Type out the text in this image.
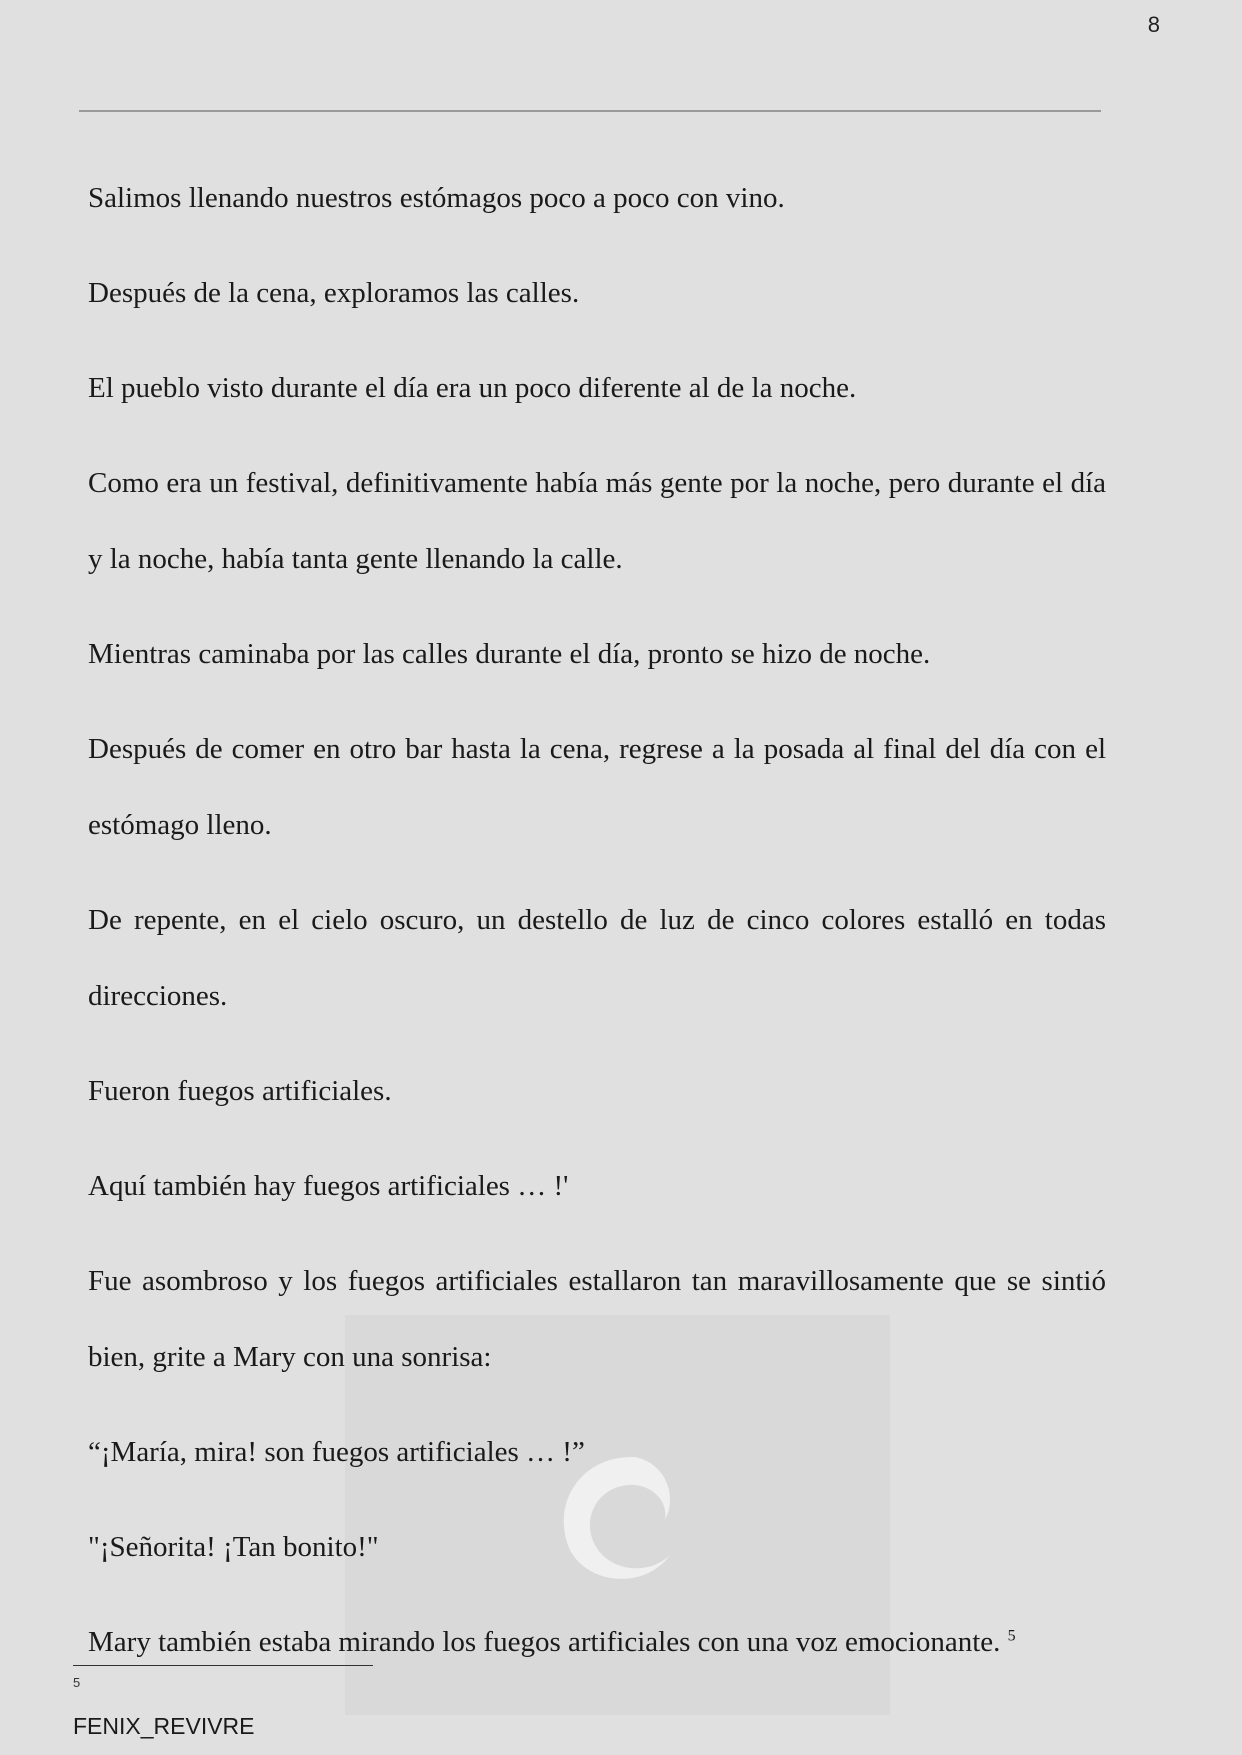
8

Salimos llenando nuestros estómagos poco a poco con vino.

Después de la cena, exploramos las calles.

El pueblo visto durante el día era un poco diferente al de la noche.

Como era un festival, definitivamente había más gente por la noche, pero durante el día y la noche, había tanta gente llenando la calle.

Mientras caminaba por las calles durante el día, pronto se hizo de noche.

Después de comer en otro bar hasta la cena, regrese a la posada al final del día con el estómago lleno.

De repente, en el cielo oscuro, un destello de luz de cinco colores estalló en todas direcciones.

Fueron fuegos artificiales.

Aquí también hay fuegos artificiales … !'

Fue asombroso y los fuegos artificiales estallaron tan maravillosamente que se sintió bien, grite a Mary con una sonrisa:

“¡María, mira! son fuegos artificiales … !”

"¡Señorita! ¡Tan bonito!"

Mary también estaba mirando los fuegos artificiales con una voz emocionante. $^5$

5
FENIX_REVIVRE
